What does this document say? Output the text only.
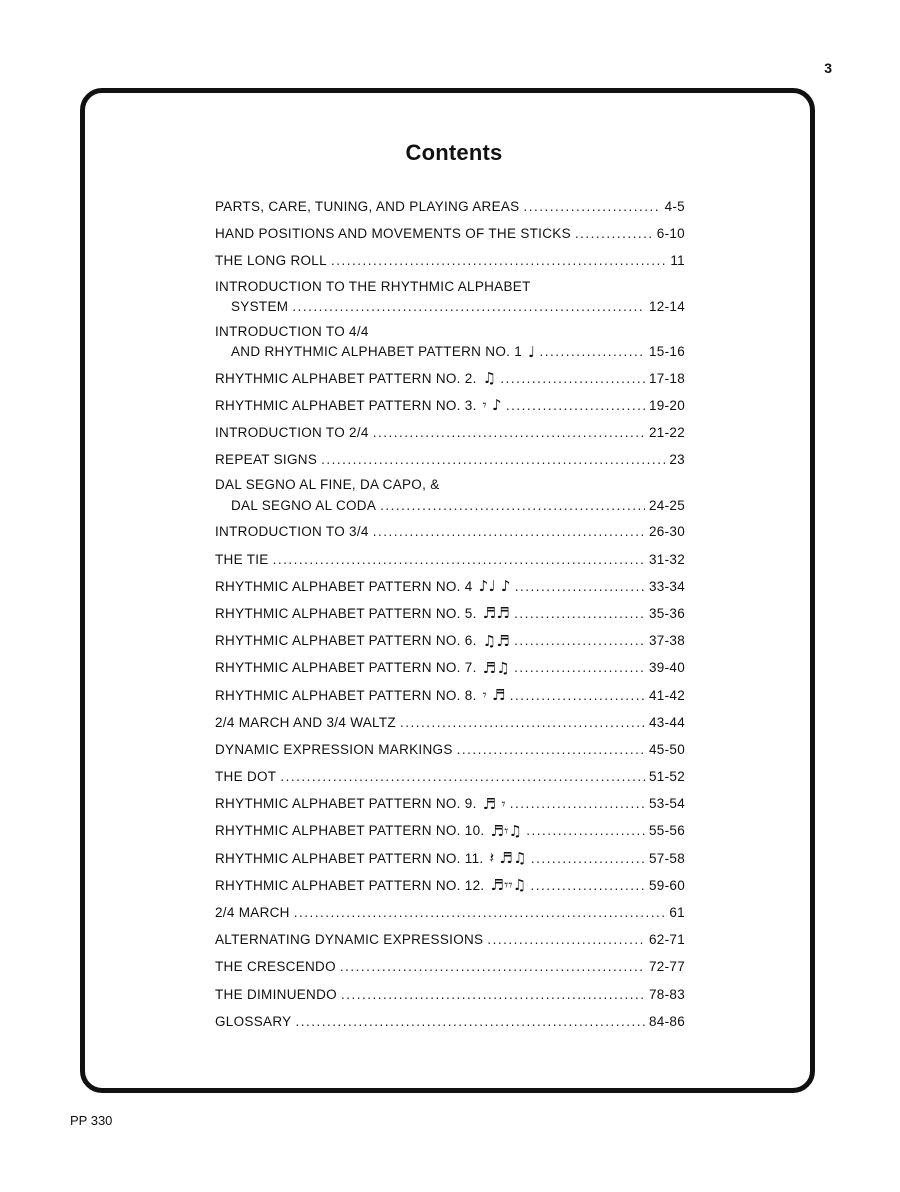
3
Contents
PARTS, CARE, TUNING, AND PLAYING AREAS .....	4-5
HAND POSITIONS AND MOVEMENTS OF THE STICKS .....	6-10
THE LONG ROLL .....	11
INTRODUCTION TO THE RHYTHMIC ALPHABET
SYSTEM .....	12-14
INTRODUCTION TO 4/4
AND RHYTHMIC ALPHABET PATTERN NO. 1 ♩ .....	15-16
RHYTHMIC ALPHABET PATTERN NO. 2. ♫ .....	17-18
RHYTHMIC ALPHABET PATTERN NO. 3. 𝄾 ♪ .....	19-20
INTRODUCTION TO 2/4 .....	21-22
REPEAT SIGNS .....	23
DAL SEGNO AL FINE, DA CAPO, &
DAL SEGNO AL CODA .....	24-25
INTRODUCTION TO 3/4 .....	26-30
THE TIE .....	31-32
RHYTHMIC ALPHABET PATTERN NO. 4 ♪♩ ♪ .....	33-34
RHYTHMIC ALPHABET PATTERN NO. 5. ♬♬ .....	35-36
RHYTHMIC ALPHABET PATTERN NO. 6. ♫♬ .....	37-38
RHYTHMIC ALPHABET PATTERN NO. 7. ♬♫ .....	39-40
RHYTHMIC ALPHABET PATTERN NO. 8. 𝄾 ♬ .....	41-42
2/4 MARCH AND 3/4 WALTZ .....	43-44
DYNAMIC EXPRESSION MARKINGS .....	45-50
THE DOT .....	51-52
RHYTHMIC ALPHABET PATTERN NO. 9. ♬ 𝄾 .....	53-54
RHYTHMIC ALPHABET PATTERN NO. 10. ♬𝄾♫ .....	55-56
RHYTHMIC ALPHABET PATTERN NO. 11. 𝄽 ♬♫ .....	57-58
RHYTHMIC ALPHABET PATTERN NO. 12. ♬𝄾𝄾♫ .....	59-60
2/4 MARCH .....	61
ALTERNATING DYNAMIC EXPRESSIONS .....	62-71
THE CRESCENDO .....	72-77
THE DIMINUENDO .....	78-83
GLOSSARY .....	84-86
PP 330
